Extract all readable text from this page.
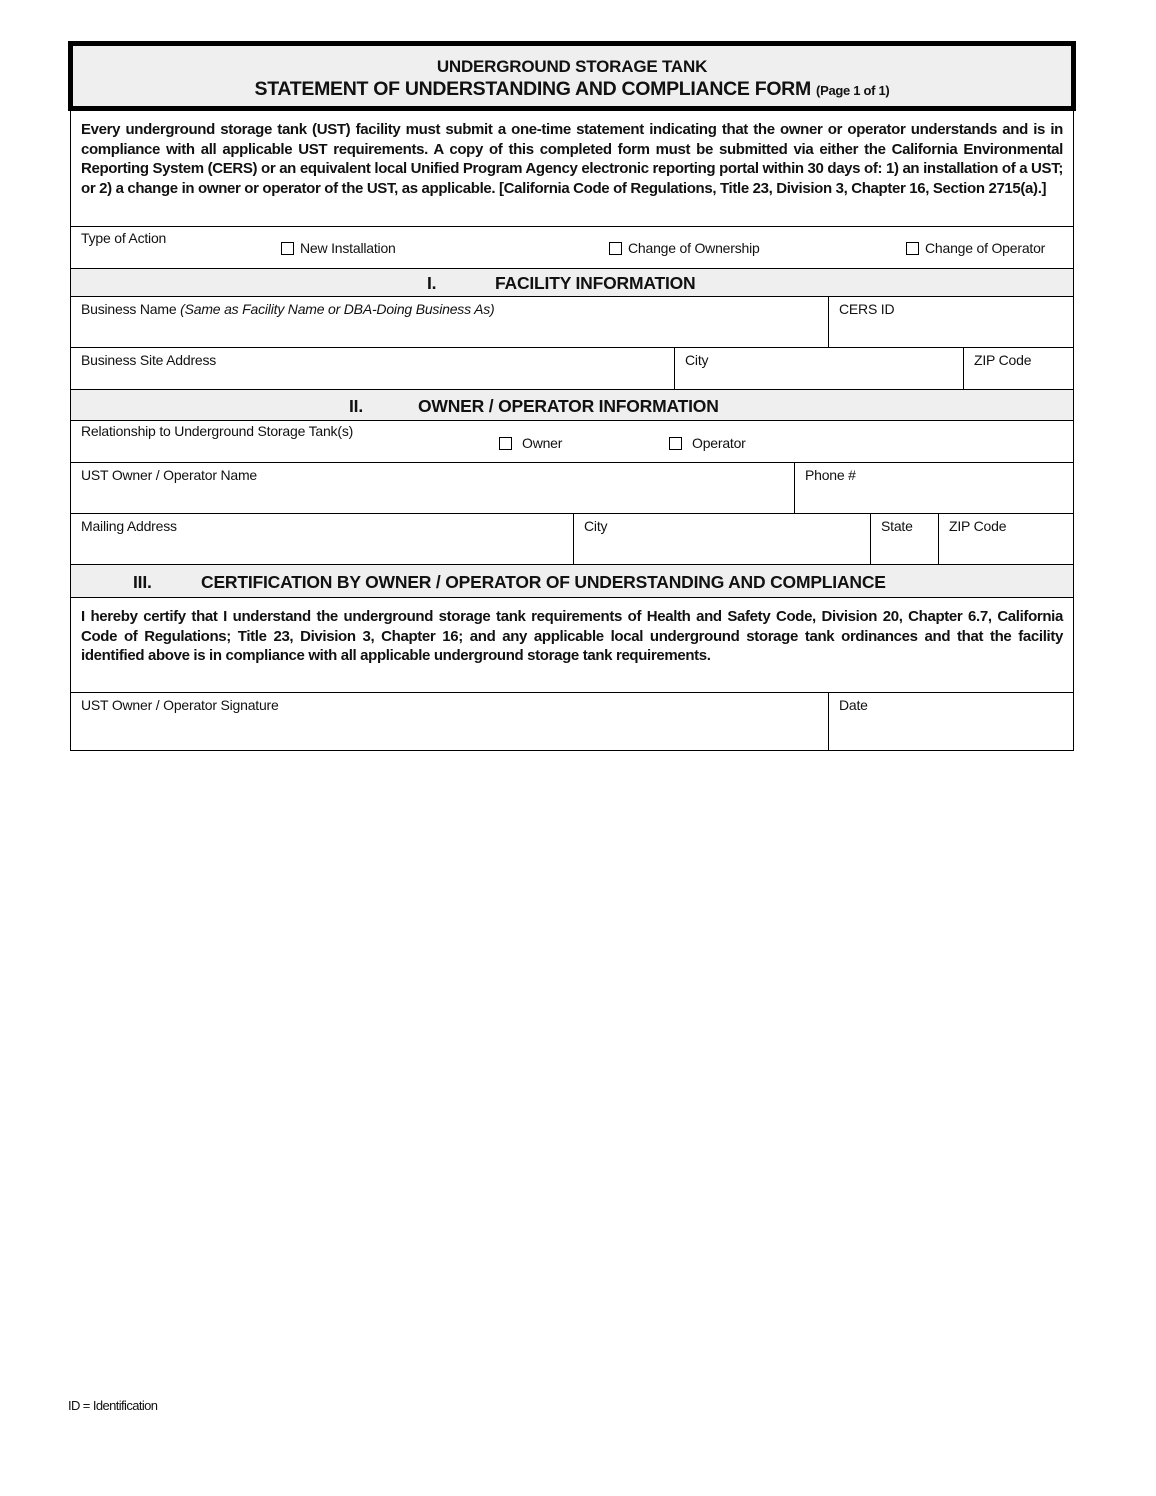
UNDERGROUND STORAGE TANK
STATEMENT OF UNDERSTANDING AND COMPLIANCE FORM (Page 1 of 1)
Every underground storage tank (UST) facility must submit a one-time statement indicating that the owner or operator understands and is in compliance with all applicable UST requirements. A copy of this completed form must be submitted via either the California Environmental Reporting System (CERS) or an equivalent local Unified Program Agency electronic reporting portal within 30 days of: 1) an installation of a UST; or 2) a change in owner or operator of the UST, as applicable. [California Code of Regulations, Title 23, Division 3, Chapter 16, Section 2715(a).]
Type of Action
New Installation	Change of Ownership	Change of Operator
I.	FACILITY INFORMATION
Business Name (Same as Facility Name or DBA-Doing Business As)	CERS ID
Business Site Address	City	ZIP Code
II.	OWNER / OPERATOR INFORMATION
Relationship to Underground Storage Tank(s)
Owner	Operator
UST Owner / Operator Name	Phone #
Mailing Address	City	State	ZIP Code
III.	CERTIFICATION BY OWNER / OPERATOR OF UNDERSTANDING AND COMPLIANCE
I hereby certify that I understand the underground storage tank requirements of Health and Safety Code, Division 20, Chapter 6.7, California Code of Regulations; Title 23, Division 3, Chapter 16; and any applicable local underground storage tank ordinances and that the facility identified above is in compliance with all applicable underground storage tank requirements.
UST Owner / Operator Signature	Date
ID = Identification
